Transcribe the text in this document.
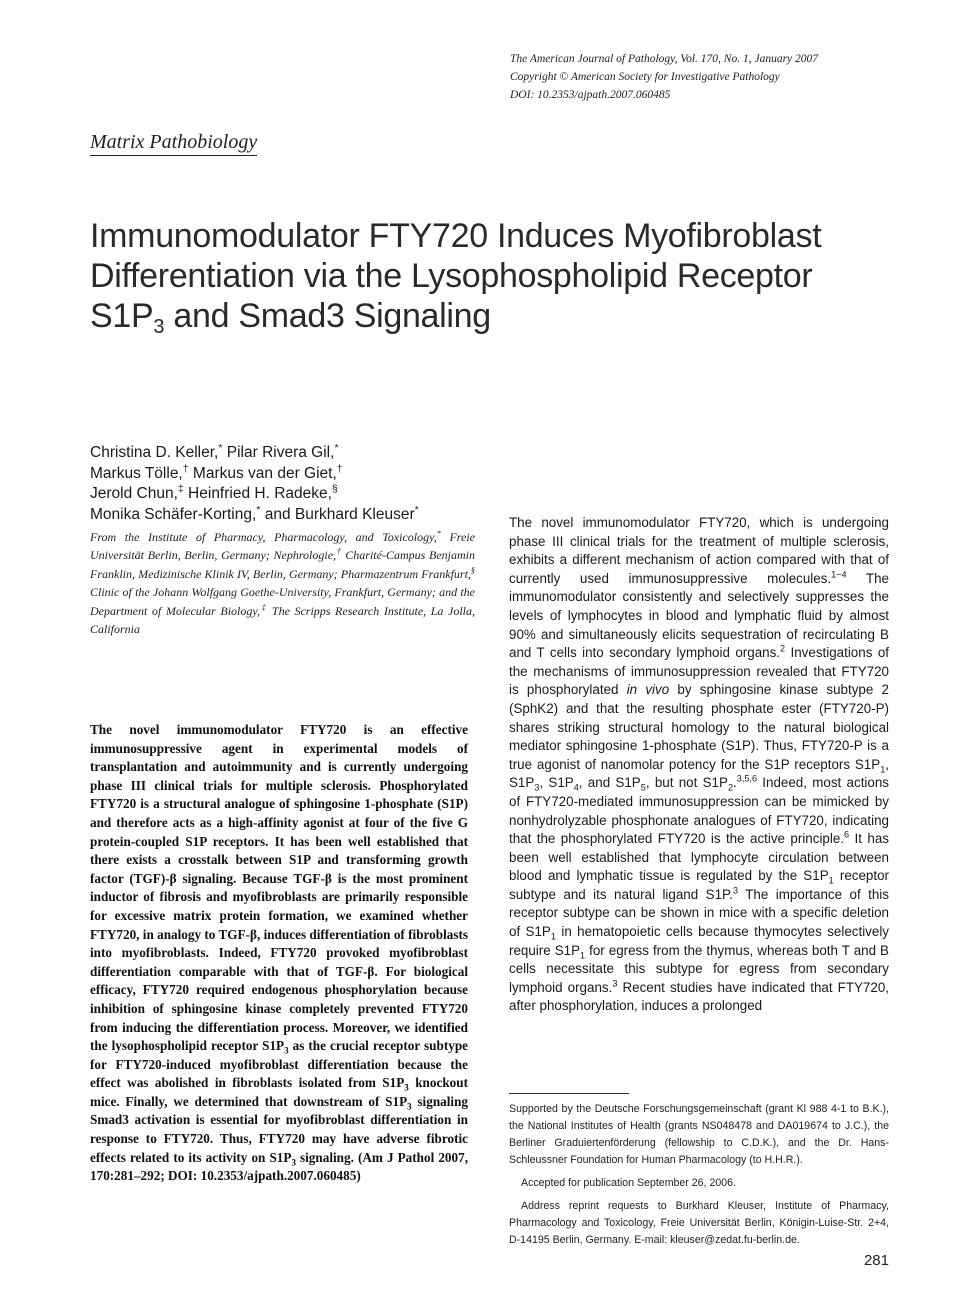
The American Journal of Pathology, Vol. 170, No. 1, January 2007
Copyright © American Society for Investigative Pathology
DOI: 10.2353/ajpath.2007.060485
Matrix Pathobiology
Immunomodulator FTY720 Induces Myofibroblast
Differentiation via the Lysophospholipid Receptor
$S1P_3$ and Smad3 Signaling
Christina D. Keller,* Pilar Rivera Gil,*
Markus Tölle,† Markus van der Giet,†
Jerold Chun,‡ Heinfried H. Radeke,§
Monika Schäfer-Korting,* and Burkhard Kleuser*
From the Institute of Pharmacy, Pharmacology, and Toxicology,* Freie Universität Berlin, Berlin, Germany; Nephrologie,† Charité-Campus Benjamin Franklin, Medizinische Klinik IV, Berlin, Germany; Pharmazentrum Frankfurt,§ Clinic of the Johann Wolfgang Goethe-University, Frankfurt, Germany; and the Department of Molecular Biology,‡ The Scripps Research Institute, La Jolla, California
The novel immunomodulator FTY720 is an effective immunosuppressive agent in experimental models of transplantation and autoimmunity and is currently undergoing phase III clinical trials for multiple sclerosis. Phosphorylated FTY720 is a structural analogue of sphingosine 1-phosphate (S1P) and therefore acts as a high-affinity agonist at four of the five G protein-coupled S1P receptors. It has been well established that there exists a crosstalk between S1P and transforming growth factor (TGF)-β signaling. Because TGF-β is the most prominent inductor of fibrosis and myofibroblasts are primarily responsible for excessive matrix protein formation, we examined whether FTY720, in analogy to TGF-β, induces differentiation of fibroblasts into myofibroblasts. Indeed, FTY720 provoked myofibroblast differentiation comparable with that of TGF-β. For biological efficacy, FTY720 required endogenous phosphorylation because inhibition of sphingosine kinase completely prevented FTY720 from inducing the differentiation process. Moreover, we identified the lysophospholipid receptor $S1P_3$ as the crucial receptor subtype for FTY720-induced myofibroblast differentiation because the effect was abolished in fibroblasts isolated from $S1P_3$ knockout mice. Finally, we determined that downstream of $S1P_3$ signaling Smad3 activation is essential for myofibroblast differentiation in response to FTY720. Thus, FTY720 may have adverse fibrotic effects related to its activity on $S1P_3$ signaling. (Am J Pathol 2007, 170:281–292; DOI: 10.2353/ajpath.2007.060485)
The novel immunomodulator FTY720, which is undergoing phase III clinical trials for the treatment of multiple sclerosis, exhibits a different mechanism of action compared with that of currently used immunosuppressive molecules.$^{1-4}$ The immunomodulator consistently and selectively suppresses the levels of lymphocytes in blood and lymphatic fluid by almost 90% and simultaneously elicits sequestration of recirculating B and T cells into secondary lymphoid organs.$^2$ Investigations of the mechanisms of immunosuppression revealed that FTY720 is phosphorylated in vivo by sphingosine kinase subtype 2 (SphK2) and that the resulting phosphate ester (FTY720-P) shares striking structural homology to the natural biological mediator sphingosine 1-phosphate (S1P). Thus, FTY720-P is a true agonist of nanomolar potency for the S1P receptors $S1P_1$, $S1P_3$, $S1P_4$, and $S1P_5$, but not $S1P_2.^{3,5,6}$ Indeed, most actions of FTY720-mediated immunosuppression can be mimicked by nonhydrolyzable phosphonate analogues of FTY720, indicating that the phosphorylated FTY720 is the active principle.$^6$ It has been well established that lymphocyte circulation between blood and lymphatic tissue is regulated by the $S1P_1$ receptor subtype and its natural ligand S1P.$^3$ The importance of this receptor subtype can be shown in mice with a specific deletion of $S1P_1$ in hematopoietic cells because thymocytes selectively require $S1P_1$ for egress from the thymus, whereas both T and B cells necessitate this subtype for egress from secondary lymphoid organs.$^3$ Recent studies have indicated that FTY720, after phosphorylation, induces a prolonged

Supported by the Deutsche Forschungsgemeinschaft (grant Kl 988 4-1 to B.K.), the National Institutes of Health (grants NS048478 and DA019674 to J.C.), the Berliner Graduiertenförderung (fellowship to C.D.K.), and the Dr. Hans-Schleussner Foundation for Human Pharmacology (to H.H.R.).

Accepted for publication September 26, 2006.

Address reprint requests to Burkhard Kleuser, Institute of Pharmacy, Pharmacology and Toxicology, Freie Universität Berlin, Königin-Luise-Str. 2+4, D-14195 Berlin, Germany. E-mail: kleuser@zedat.fu-berlin.de.

281
